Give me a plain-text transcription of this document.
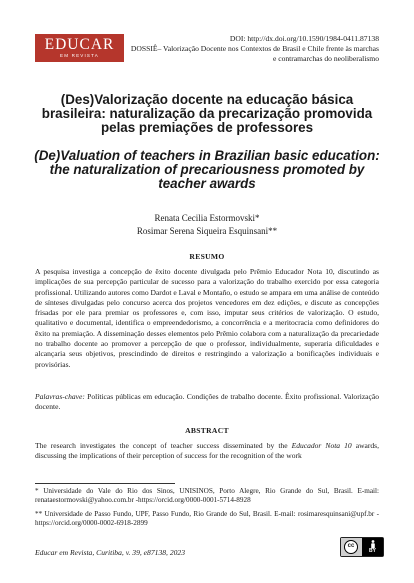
EDUCAR
EM REVISTA
DOI: http://dx.doi.org/10.1590/1984-0411.87138
DOSSIÊ– Valorização Docente nos Contextos de Brasil e Chile frente às marchas e contramarchas do neoliberalismo
(Des)Valorização docente na educação básica brasileira: naturalização da precarização promovida pelas premiações de professores
(De)Valuation of teachers in Brazilian basic education: the naturalization of precariousness promoted by teacher awards
Renata Cecilia Estormovski*
Rosimar Serena Siqueira Esquinsani**
RESUMO

A pesquisa investiga a concepção de êxito docente divulgada pelo Prêmio Educador Nota 10, discutindo as implicações de sua percepção particular de sucesso para a valorização do trabalho exercido por essa categoria profissional. Utilizando autores como Dardot e Laval e Montaño, o estudo se ampara em uma análise de conteúdo de sínteses divulgadas pelo concurso acerca dos projetos vencedores em dez edições, e discute as concepções frisadas por ele para premiar os professores e, com isso, imputar seus critérios de valorização. O estudo, qualitativo e documental, identifica o empreendedorismo, a concorrência e a meritocracia como definidores do êxito na premiação. A disseminação desses elementos pelo Prêmio colabora com a naturalização da precariedade no trabalho docente ao promover a percepção de que o professor, individualmente, superaria dificuldades e alcançaria seus objetivos, prescindindo de direitos e restringindo a valorização a bonificações individuais e provisórias.

Palavras-chave: Políticas públicas em educação. Condições de trabalho docente. Êxito profissional. Valorização docente.

ABSTRACT

The research investigates the concept of teacher success disseminated by the Educador Nota 10 awards, discussing the implications of their perception of success for the recognition of the work

* Universidade do Vale do Rio dos Sinos, UNISINOS, Porto Alegre, Rio Grande do Sul, Brasil. E-mail: renataestormovski@yahoo.com.br -https://orcid.org/0000-0001-5714-8928

** Universidade de Passo Fundo, UPF, Passo Fundo, Rio Grande do Sul, Brasil. E-mail: rosimaresquinsani@upf.br -https://orcid.org/0000-0002-6918-2899

Educar em Revista, Curitiba, v. 39, e87138, 2023
cc
BY
